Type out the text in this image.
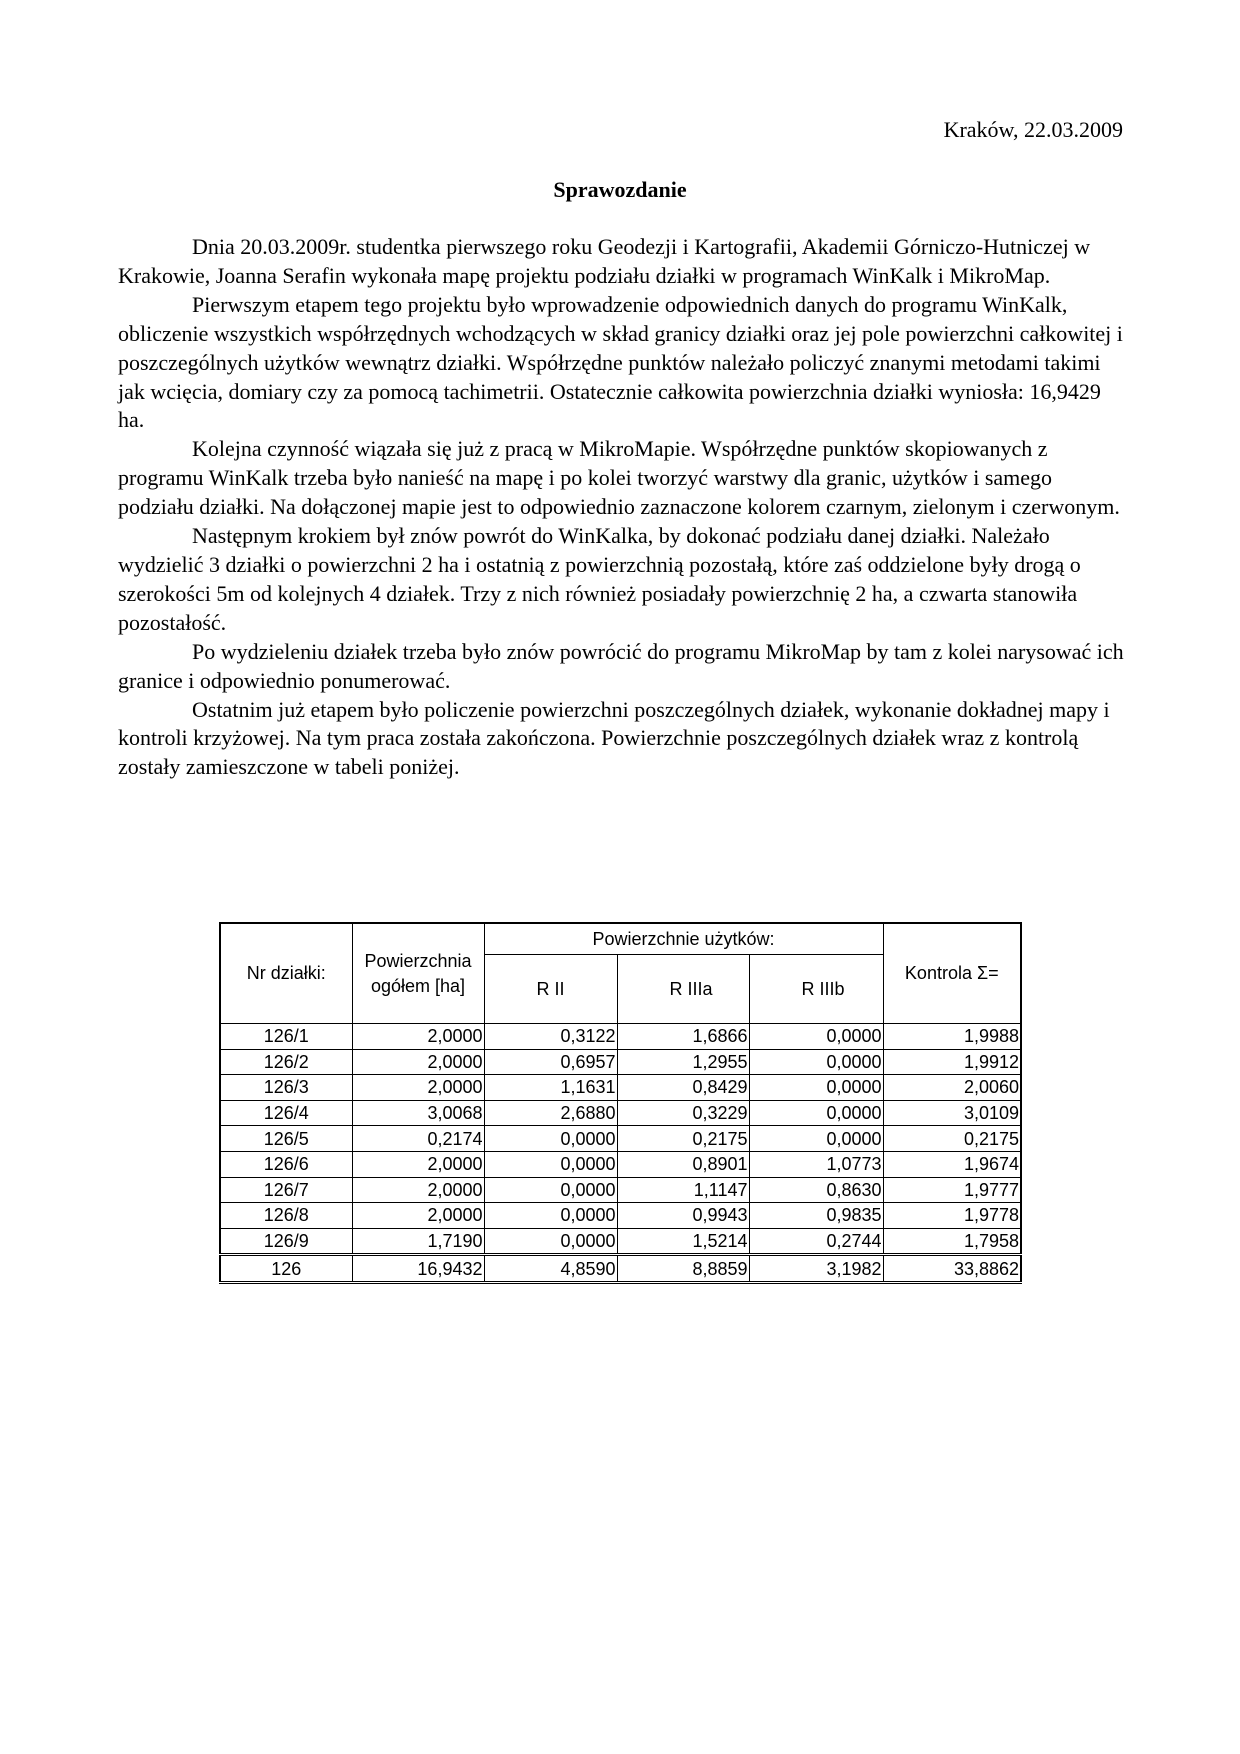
Kraków, 22.03.2009
Sprawozdanie

Dnia 20.03.2009r. studentka pierwszego roku Geodezji i Kartografii, Akademii Górniczo-Hutniczej w Krakowie, Joanna Serafin wykonała mapę projektu podziału działki w programach WinKalk i MikroMap.

Pierwszym etapem tego projektu było wprowadzenie odpowiednich danych do programu WinKalk, obliczenie wszystkich współrzędnych wchodzących w skład granicy działki oraz jej pole powierzchni całkowitej i poszczególnych użytków wewnątrz działki. Współrzędne punktów należało policzyć znanymi metodami takimi jak wcięcia, domiary czy za pomocą tachimetrii. Ostatecznie całkowita powierzchnia działki wyniosła: 16,9429 ha.

Kolejna czynność wiązała się już z pracą w MikroMapie. Współrzędne punktów skopiowanych z programu WinKalk trzeba było nanieść na mapę i po kolei tworzyć warstwy dla granic, użytków i samego podziału działki. Na dołączonej mapie jest to odpowiednio zaznaczone kolorem czarnym, zielonym i czerwonym.

Następnym krokiem był znów powrót do WinKalka, by dokonać podziału danej działki. Należało wydzielić 3 działki o powierzchni 2 ha i ostatnią z powierzchnią pozostałą, które zaś oddzielone były drogą o szerokości 5m od kolejnych 4 działek. Trzy z nich również posiadały powierzchnię 2 ha, a czwarta stanowiła pozostałość.

Po wydzieleniu działek trzeba było znów powrócić do programu MikroMap by tam z kolei narysować ich granice i odpowiednio ponumerować.

Ostatnim już etapem było policzenie powierzchni poszczególnych działek, wykonanie dokładnej mapy i kontroli krzyżowej. Na tym praca została zakończona. Powierzchnie poszczególnych działek wraz z kontrolą zostały zamieszczone w tabeli poniżej.

Nr działki:	Powierzchnia ogółem [ha]	Powierzchnie użytków:			Kontrola Σ=
		R II	R IIIa	R IIIb	
126/1	2,0000	0,3122	1,6866	0,0000	1,9988
126/2	2,0000	0,6957	1,2955	0,0000	1,9912
126/3	2,0000	1,1631	0,8429	0,0000	2,0060
126/4	3,0068	2,6880	0,3229	0,0000	3,0109
126/5	0,2174	0,0000	0,2175	0,0000	0,2175
126/6	2,0000	0,0000	0,8901	1,0773	1,9674
126/7	2,0000	0,0000	1,1147	0,8630	1,9777
126/8	2,0000	0,0000	0,9943	0,9835	1,9778
126/9	1,7190	0,0000	1,5214	0,2744	1,7958
126	16,9432	4,8590	8,8859	3,1982	33,8862
